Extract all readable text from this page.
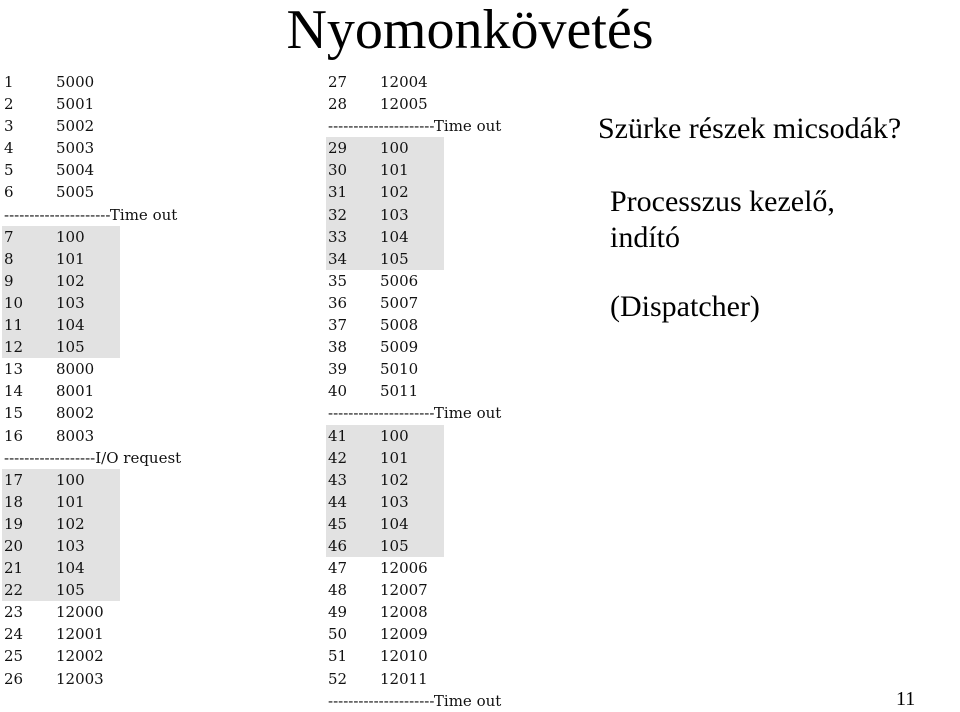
Nyomonkövetés
1	5000
2	5001
3	5002
4	5003
5	5004
6	5005
---------------------Time out
7	100
8	101
9	102
10 103
11 104
12 105
13 8000
14 8001
15 8002
16 8003
------------------I/O request
17 100
18 101
19 102
20 103
21 104
22 105
23 12000
24 12001
25 12002
26 12003
27 12004
28 12005
---------------------Time out
29 100
30 101
31 102
32 103
33 104
34 105
35 5006
36 5007
37 5008
38 5009
39 5010
40 5011
---------------------Time out
41 100
42 101
43 102
44 103
45 104
46 105
47 12006
48 12007
49 12008
50 12009
51 12010
52 12011
---------------------Time out
Szürke részek micsodák?
Processzus kezelő,
indító
(Dispatcher)
11
